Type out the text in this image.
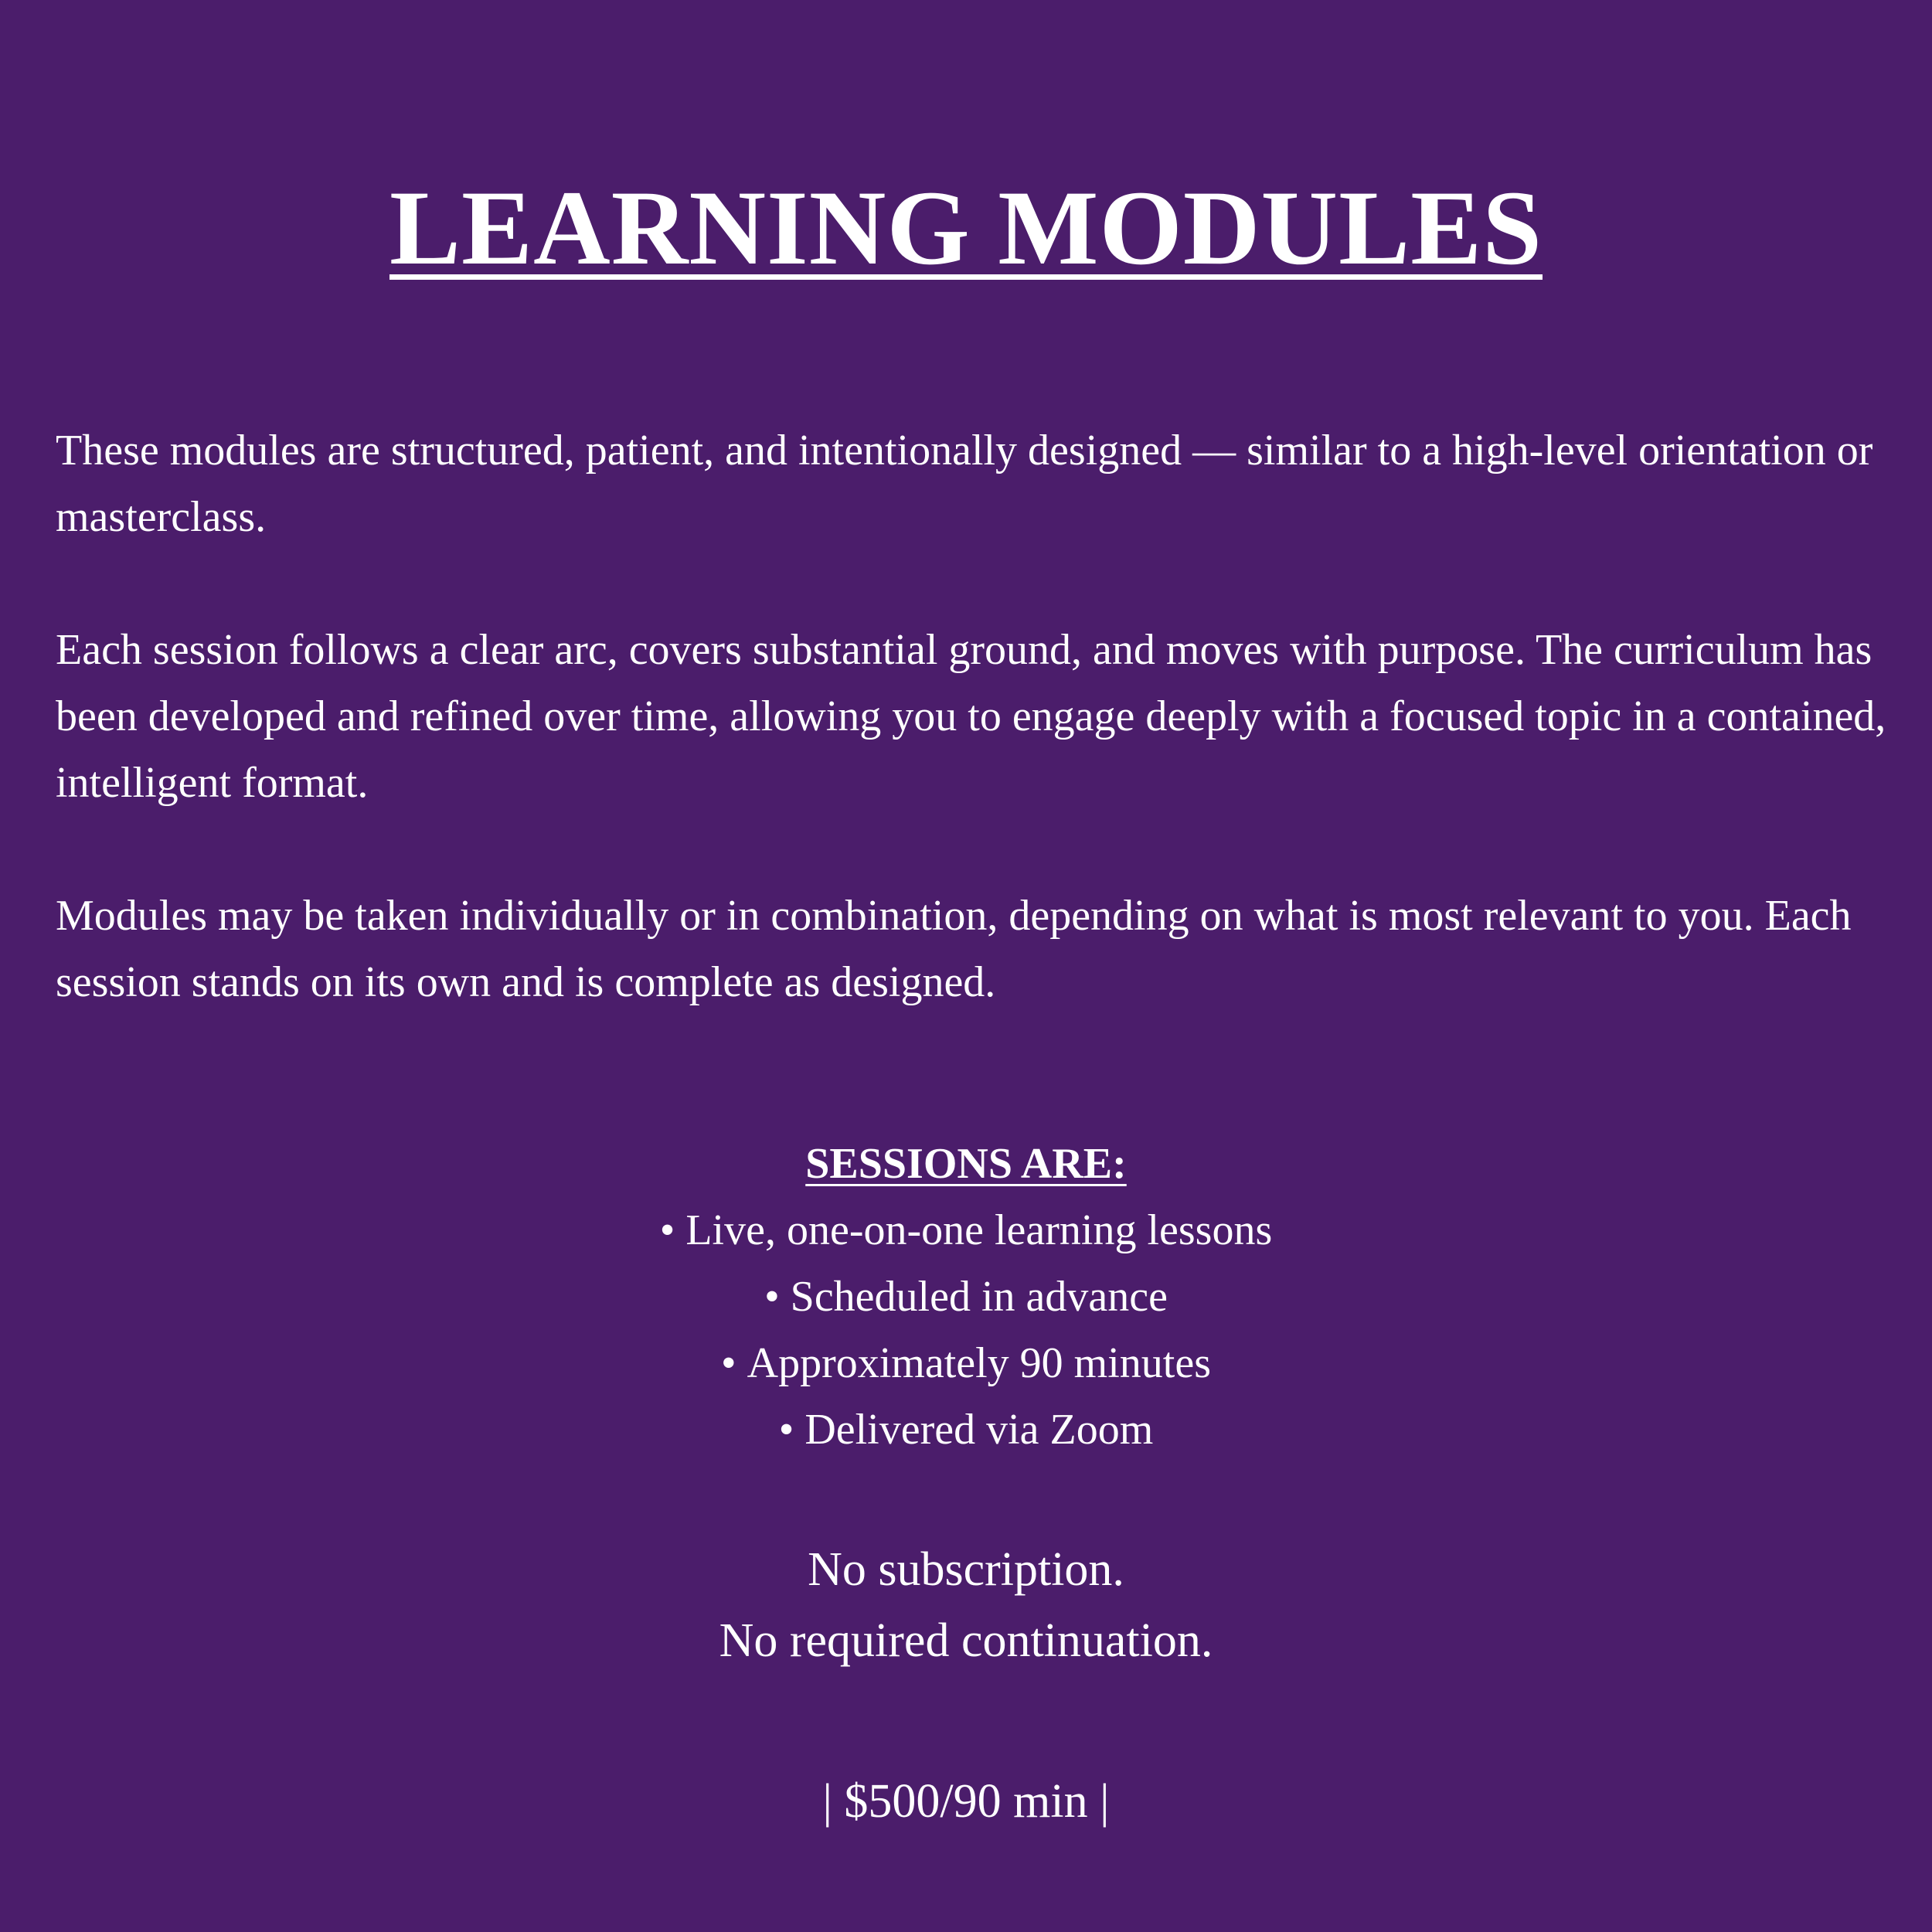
LEARNING MODULES

These modules are structured, patient, and intentionally designed — similar to a high-level orientation or masterclass.

Each session follows a clear arc, covers substantial ground, and moves with purpose. The curriculum has been developed and refined over time, allowing you to engage deeply with a focused topic in a contained, intelligent format.

Modules may be taken individually or in combination, depending on what is most relevant to you. Each session stands on its own and is complete as designed.

SESSIONS ARE:
• Live, one-on-one learning lessons
• Scheduled in advance
• Approximately 90 minutes
• Delivered via Zoom
No subscription.
No required continuation.
| $500/90 min |
